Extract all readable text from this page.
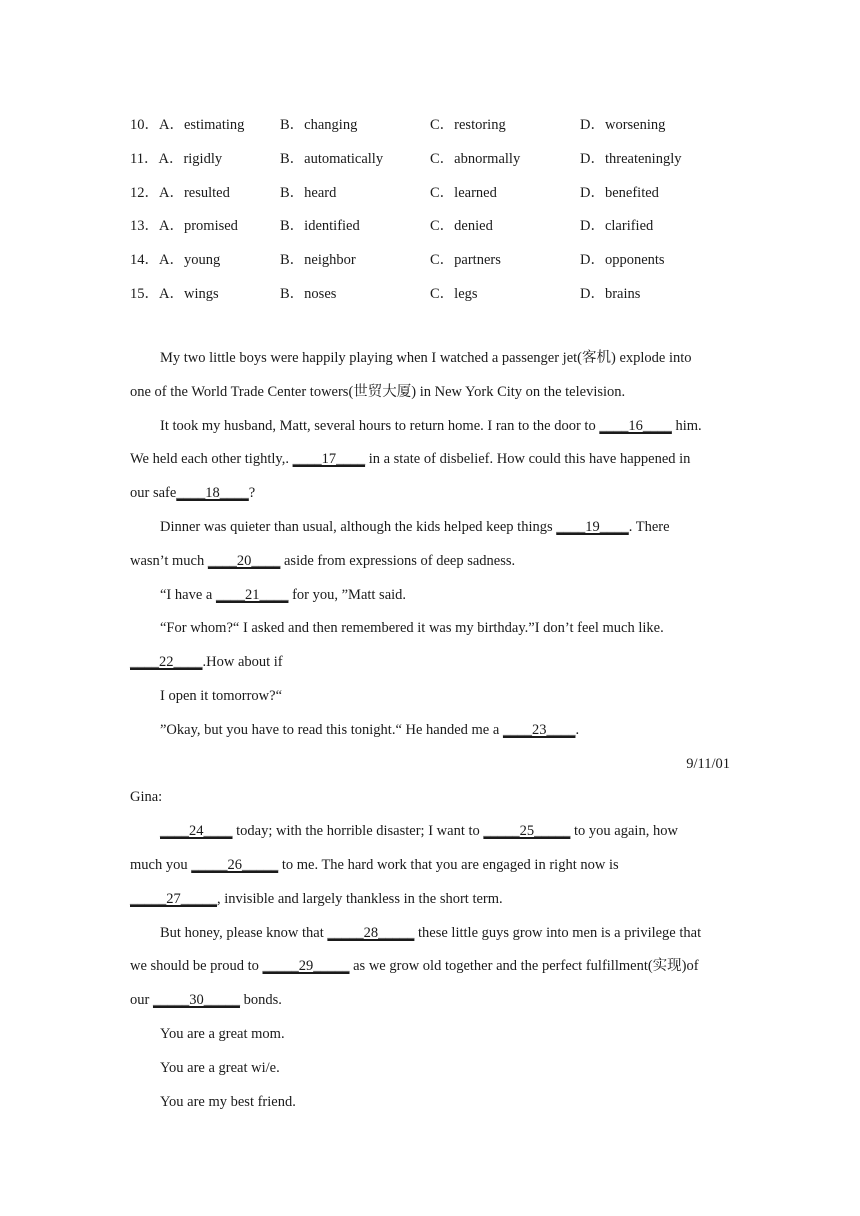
10．A．estimating B．changing	C．restoring	D．worsening
11．A．rigidly	B．automatically	C．abnormally	D．threateningly
12．A．resulted	B．heard	C．learned	D．benefited
13．A．promised	B．identified	C．denied	D．clarified
14．A．young	B．neighbor	C．partners	D．opponents
15．A．wings	B．noses	C．legs	D．brains
My two little boys were happily playing when I watched a passenger jet(客机) explode into
one of the World Trade Center towers(世贸大厦) in New York City on the television.
It took my husband, Matt, several hours to return home. I ran to the door to ____16____ him.
We held each other tightly,. ____17____ in a state of disbelief. How could this have happened in
our safe____18____?
Dinner was quieter than usual, although the kids helped keep things ____19____. There
wasn’t much ____20____ aside from expressions of deep sadness.
“I have a ____21____ for you, ”Matt said.
“For whom?“ I asked and then remembered it was my birthday.”I don’t feel much like.
____22____.How about if
I open it tomorrow?“
”Okay, but you have to read this tonight.“ He handed me a ____23____.
9/11/01
Gina:
____24____ today; with the horrible disaster; I want to _____25_____ to you again, how
much you _____26_____ to me. The hard work that you are engaged in right now is
_____27_____, invisible and largely thankless in the short term.
But honey, please know that _____28_____ these little guys grow into men is a privilege that
we should be proud to _____29_____ as we grow old together and the perfect fulfillment(实现)of
our _____30_____ bonds.
You are a great mom.
You are a great wi/e.
You are my best friend.
